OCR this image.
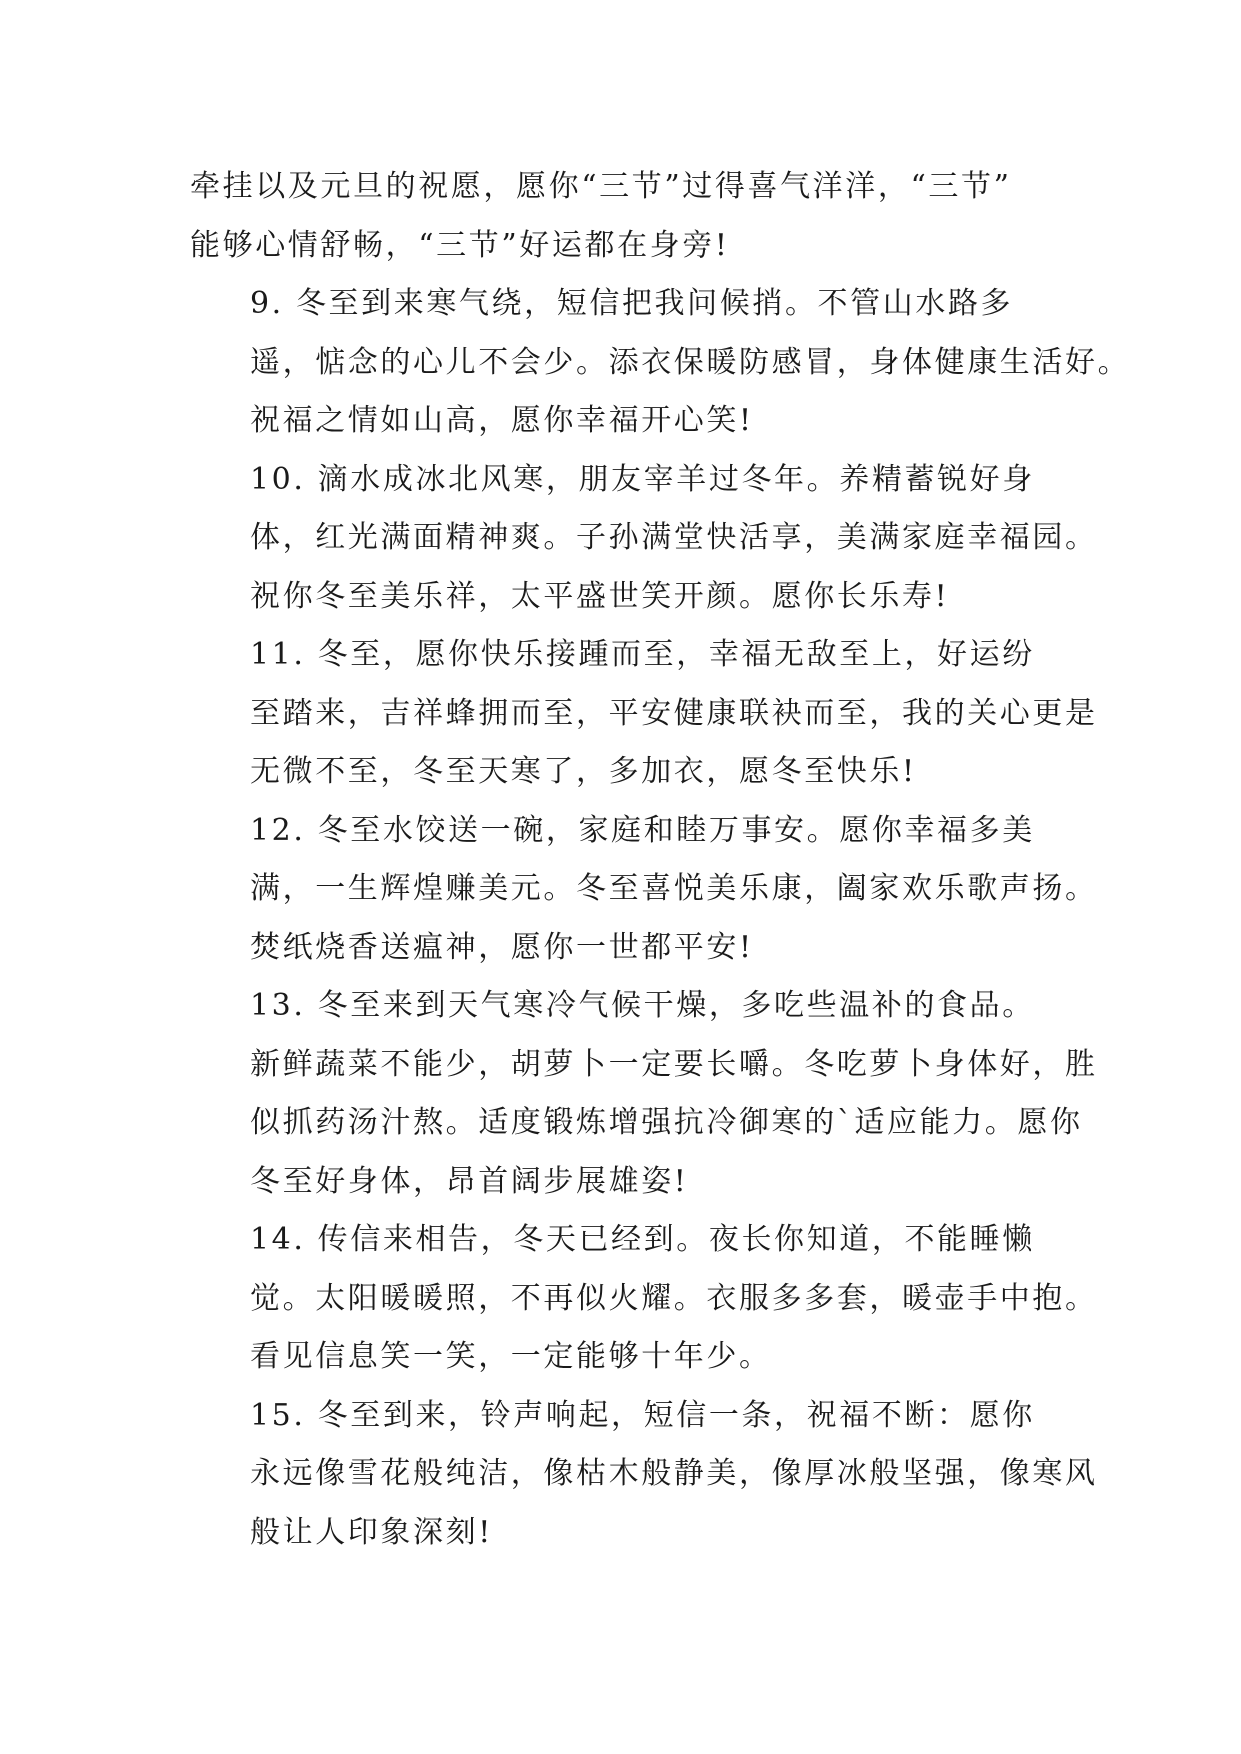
牵挂以及元旦的祝愿，愿你“三节”过得喜气洋洋，“三节”
能够心情舒畅，“三节”好运都在身旁!

9. 冬至到来寒气绕，短信把我问候捎。不管山水路多
遥，惦念的心儿不会少。添衣保暖防感冒，身体健康生活好。
祝福之情如山高，愿你幸福开心笑!

10. 滴水成冰北风寒，朋友宰羊过冬年。养精蓄锐好身
体，红光满面精神爽。子孙满堂快活享，美满家庭幸福园。
祝你冬至美乐祥，太平盛世笑开颜。愿你长乐寿!

11. 冬至，愿你快乐接踵而至，幸福无敌至上，好运纷
至踏来，吉祥蜂拥而至，平安健康联袂而至，我的关心更是
无微不至，冬至天寒了，多加衣，愿冬至快乐!

12. 冬至水饺送一碗，家庭和睦万事安。愿你幸福多美
满，一生辉煌赚美元。冬至喜悦美乐康，阖家欢乐歌声扬。
焚纸烧香送瘟神，愿你一世都平安!

13. 冬至来到天气寒冷气候干燥，多吃些温补的食品。
新鲜蔬菜不能少，胡萝卜一定要长嚼。冬吃萝卜身体好，胜
似抓药汤汁熬。适度锻炼增强抗冷御寒的`适应能力。愿你
冬至好身体，昂首阔步展雄姿!

14. 传信来相告，冬天已经到。夜长你知道，不能睡懒
觉。太阳暖暖照，不再似火耀。衣服多多套，暖壶手中抱。
看见信息笑一笑，一定能够十年少。

15. 冬至到来，铃声响起，短信一条，祝福不断：愿你
永远像雪花般纯洁，像枯木般静美，像厚冰般坚强，像寒风
般让人印象深刻!
